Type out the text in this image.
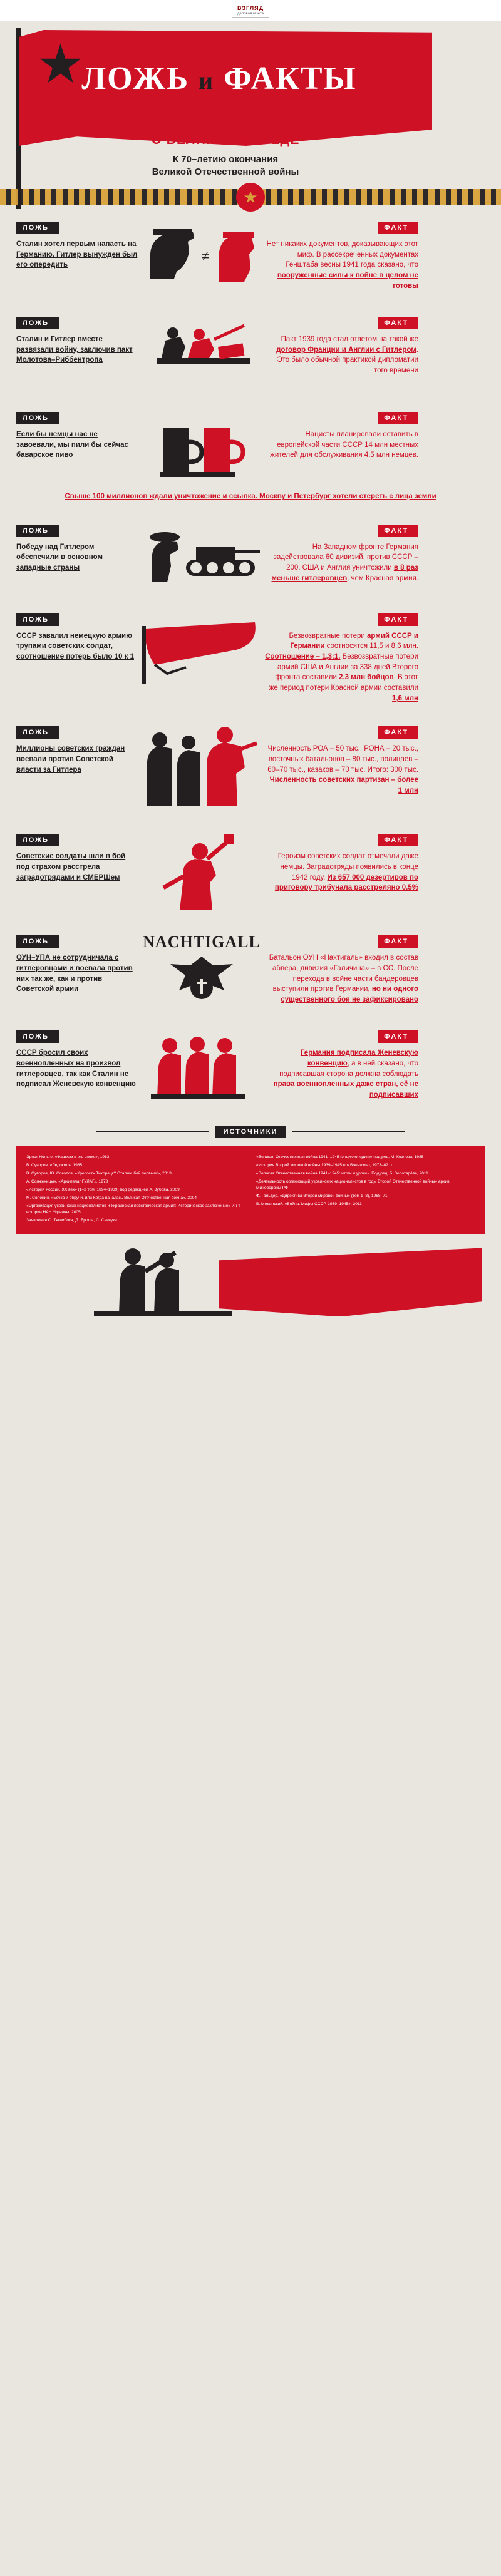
ВЗГЛЯД
деловая газета
★
ЛОЖЬ и ФАКТЫ
О ВЕЛИКОЙ ПОБЕДЕ
К 70–летию окончания
Великой Отечественной войны
★
ЛОЖЬ
Сталин хотел первым напасть на Германию. Гитлер вынужден был его опередить
≠
ФАКТ
Нет никаких документов, доказывающих этот миф. В рассекреченных документах Генштаба весны 1941 года сказано, что вооруженные силы к войне в целом не готовы
ЛОЖЬ
Сталин и Гитлер вместе развязали войну, заключив пакт Молотова–Риббентропа
ФАКТ
Пакт 1939 года стал ответом на такой же договор Франции и Англии с Гитлером. Это было обычной практикой дипломатии того времени
ЛОЖЬ
Если бы немцы нас не завоевали, мы пили бы сейчас баварское пиво
ФАКТ
Нацисты планировали оставить в европейской части СССР 14 млн местных жителей для обслуживания 4.5 млн немцев.
Свыше 100 миллионов ждали уничтожение и ссылка. Москву и Петербург хотели стереть с лица земли
ЛОЖЬ
Победу над Гитлером обеспечили в основном западные страны
ФАКТ
На Западном фронте Германия задействовала 60 дивизий, против СССР – 200. США и Англия уничтожили в 8 раз меньше гитлеровцев, чем Красная армия.
ЛОЖЬ
СССР завалил немецкую армию трупами советских солдат, соотношение потерь было 10 к 1
ФАКТ
Безвозвратные потери армий СССР и Германии соотносятся 11,5 и 8,6 млн. Соотношение – 1,3:1. Безвозвратные потери армий США и Англии за 338 дней Второго фронта составили 2,3 млн бойцов. В этот же период потери Красной армии составили 1,6 млн
ЛОЖЬ
Миллионы советских граждан воевали против Советской власти за Гитлера
ФАКТ
Численность РОА – 50 тыс., РОНА – 20 тыс., восточных батальонов – 80 тыс., полицаев – 60–70 тыс., казаков – 70 тыс. Итого: 300 тыс. Численность советских партизан – более 1 млн
ЛОЖЬ
Советские солдаты шли в бой под страхом расстрела заградотрядами и СМЕРШем
ФАКТ
Героизм советских солдат отмечали даже немцы. Заградотряды появились в конце 1942 году. Из 657 000 дезертиров по приговору трибунала расстреляно 0,5%
ЛОЖЬ
ОУН–УПА не сотрудничала с гитлеровцами и воевала против них так же, как и против Советской армии
NACHTIGALL	ФАКТ
Батальон ОУН «Нахтигаль» входил в состав абвера, дивизия «Галичина» – в СС. После перехода в войне части бандеровцев выступили против Германии, но ни одного существенного боя не зафиксировано
ЛОЖЬ
СССР бросил своих военнопленных на произвол гитлеровцев, так как Сталин не подписал Женевскую конвенцию
ФАКТ
Германия подписала Женевскую конвенцию, а в ней сказано, что подписавшая сторона должна соблюдать права военнопленных даже стран, её не подписавших
ИСТОЧНИКИ
Эрнст Нольте. «Фашизм в его эпохе», 1963
В. Суворов. «Ледокол», 1985
В. Суворов, Ю. Соколов. «Крепость Тихорецк? Сталин, бей первым!», 2013
А. Солженицын. «Архипелаг ГУЛАГ», 1973
«История России. XX век» (1–2 том. 1894–1939) под редакцией А. Зубова, 2009
М. Солонин. «Бочка и обручи, или Когда началась Великая Отечественная война», 2004
«Организация украинских националистов и Украинская повстанческая армия: Историческое заключение» Ин-т истории НАН Украины, 2005
Заявления О. Тягнибока, Д. Яроша, С. Савчука
«Великая Отечественная война 1941–1945 (энциклопедия)» под ред. М. Козлова, 1985
«История Второй мировой войны 1939–1945 гг.» Воениздат, 1973–82 гг.
«Великая Отечественная война 1941–1945: итоги и уроки». Под ред. Б. Золотарёва, 2011
«Деятельность организаций украинских националистов в годы Второй Отечественной войны» архив Минобороны РФ
Ф. Гальдер. «Директива Второй мировой войны» (том 1–3), 1968–71
В. Мединский. «Война. Мифы СССР. 1939–1945», 2011
